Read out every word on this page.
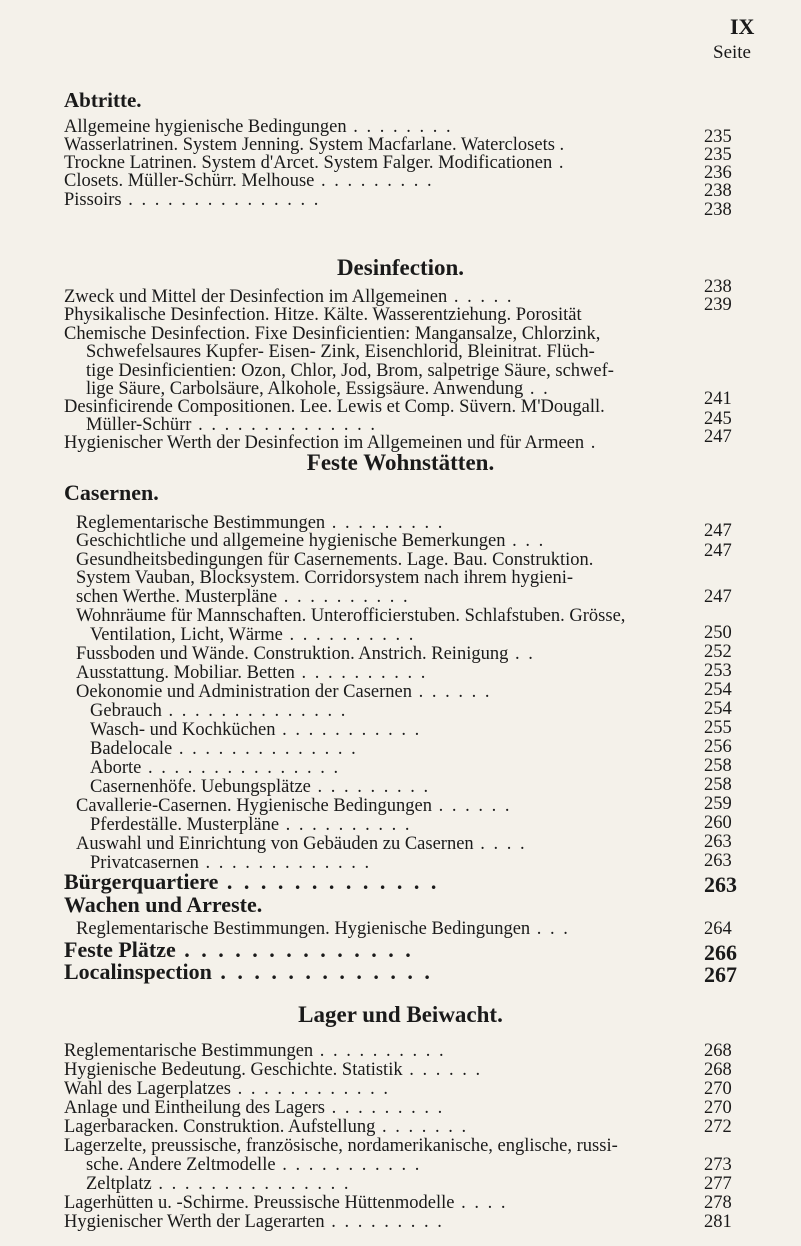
IX
Seite
Abtritte.
Allgemeine hygienische Bedingungen . . . . . . . .	235
Wasserlatrinen. System Jenning. System Macfarlane. Waterclosets .	235
Trockne Latrinen. System d'Arcet. System Falger. Modificationen .	236
Closets. Müller-Schürr. Melhouse . . . . . . . . .	238
Pissoirs . . . . . . . . . . . . . . .	238
Desinfection.
Zweck und Mittel der Desinfection im Allgemeinen . . . . .	238
Physikalische Desinfection. Hitze. Kälte. Wasserentziehung. Porosität	239
Chemische Desinfection. Fixe Desinficientien: Mangansalze, Chlorzink,
Schwefelsaures Kupfer- Eisen- Zink, Eisenchlorid, Bleinitrat. Flüch-
tige Desinficientien: Ozon, Chlor, Jod, Brom, salpetrige Säure, schwef-
lige Säure, Carbolsäure, Alkohole, Essigsäure. Anwendung . .	241
Desinficirende Compositionen. Lee. Lewis et Comp. Süvern. M'Dougall.
Müller-Schürr . . . . . . . . . . . . . .	245
Hygienischer Werth der Desinfection im Allgemeinen und für Armeen .	247
Feste Wohnstätten.
Casernen.
Reglementarische Bestimmungen . . . . . . . . .	247
Geschichtliche und allgemeine hygienische Bemerkungen . . .	247
Gesundheitsbedingungen für Casernements. Lage. Bau. Construktion.
System Vauban, Blocksystem. Corridorsystem nach ihrem hygieni-
schen Werthe. Musterpläne . . . . . . . . . .	247
Wohnräume für Mannschaften. Unterofficierstuben. Schlafstuben. Grösse,
Ventilation, Licht, Wärme . . . . . . . . . .	250
Fussboden und Wände. Construktion. Anstrich. Reinigung . .	252
Ausstattung. Mobiliar. Betten . . . . . . . . . .	253
Oekonomie und Administration der Casernen . . . . . .	254
Gebrauch . . . . . . . . . . . . . .	254
Wasch- und Kochküchen . . . . . . . . . . .	255
Badelocale . . . . . . . . . . . . . .	256
Aborte . . . . . . . . . . . . . . .	258
Casernenhöfe. Uebungsplätze . . . . . . . . .	258
Cavallerie-Casernen. Hygienische Bedingungen . . . . . .	259
Pferdeställe. Musterpläne . . . . . . . . . .	260
Auswahl und Einrichtung von Gebäuden zu Casernen . . . .	263
Privatcasernen . . . . . . . . . . . . .	263
Bürgerquartiere . . . . . . . . . . . . .	263
Wachen und Arreste.
Reglementarische Bestimmungen. Hygienische Bedingungen . . .	264
Feste Plätze . . . . . . . . . . . . . .	266
Localinspection . . . . . . . . . . . . .	267
Lager und Beiwacht.
Reglementarische Bestimmungen . . . . . . . . . .	268
Hygienische Bedeutung. Geschichte. Statistik . . . . . .	268
Wahl des Lagerplatzes . . . . . . . . . . . .	270
Anlage und Eintheilung des Lagers . . . . . . . . .	270
Lagerbaracken. Construktion. Aufstellung . . . . . . .	272
Lagerzelte, preussische, französische, nordamerikanische, englische, russi-
sche. Andere Zeltmodelle . . . . . . . . . . .	273
Zeltplatz . . . . . . . . . . . . . . .	277
Lagerhütten u. -Schirme. Preussische Hüttenmodelle . . . .	278
Hygienischer Werth der Lagerarten . . . . . . . . .	281
